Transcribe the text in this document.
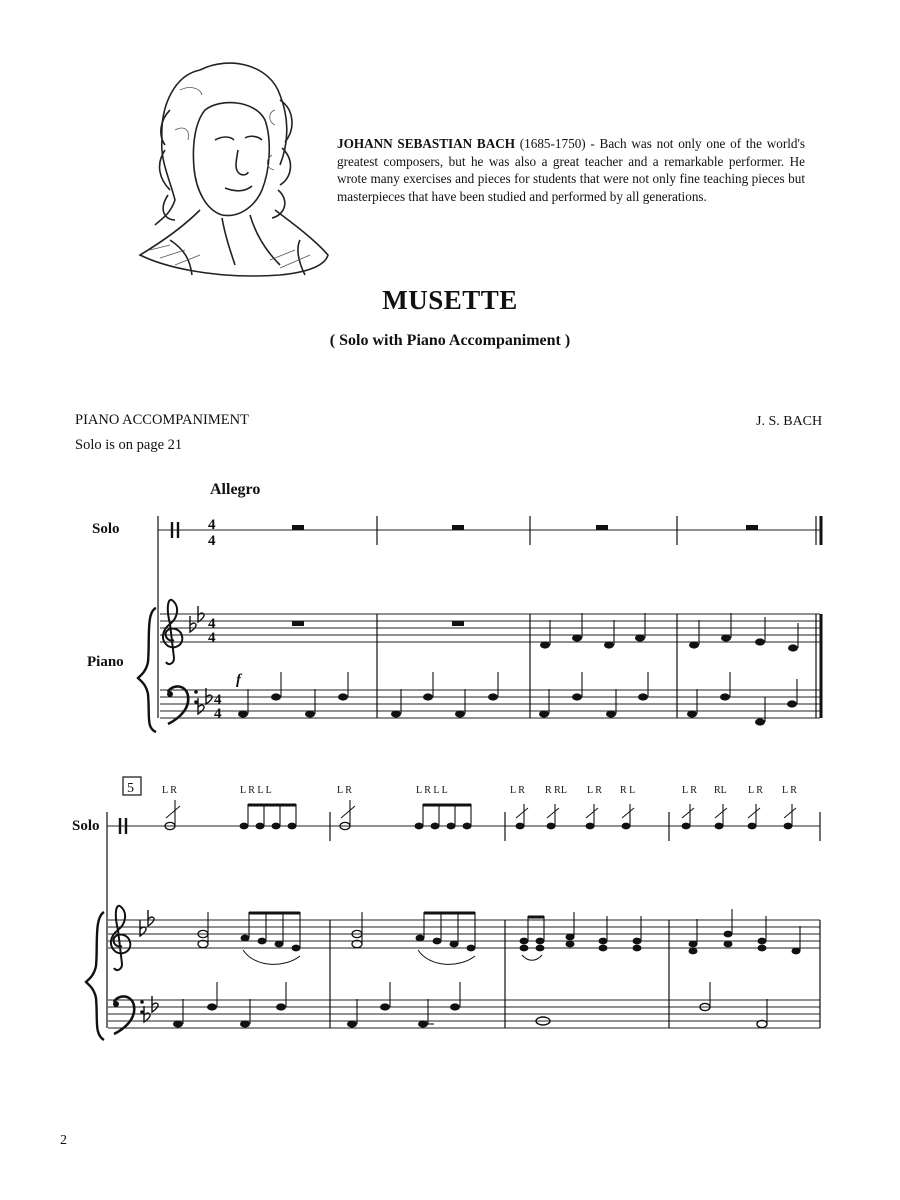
JOHANN SEBASTIAN BACH (1685-1750) - Bach was not only one of the world's greatest composers, but he was also a great teacher and a remarkable performer. He wrote many exercises and pieces for students that were not only fine teaching pieces but masterpieces that have been studied and performed by all generations.
MUSETTE
( Solo with Piano Accompaniment )
PIANO ACCOMPANIMENT
Solo is on page 21
J. S. BACH
Allegro
Solo
Piano
Solo
4
4
4
4
4
4
f
5	L R	L R L L	L R	L R L L	L R R RL L R R L	L R RL L R L R
2
